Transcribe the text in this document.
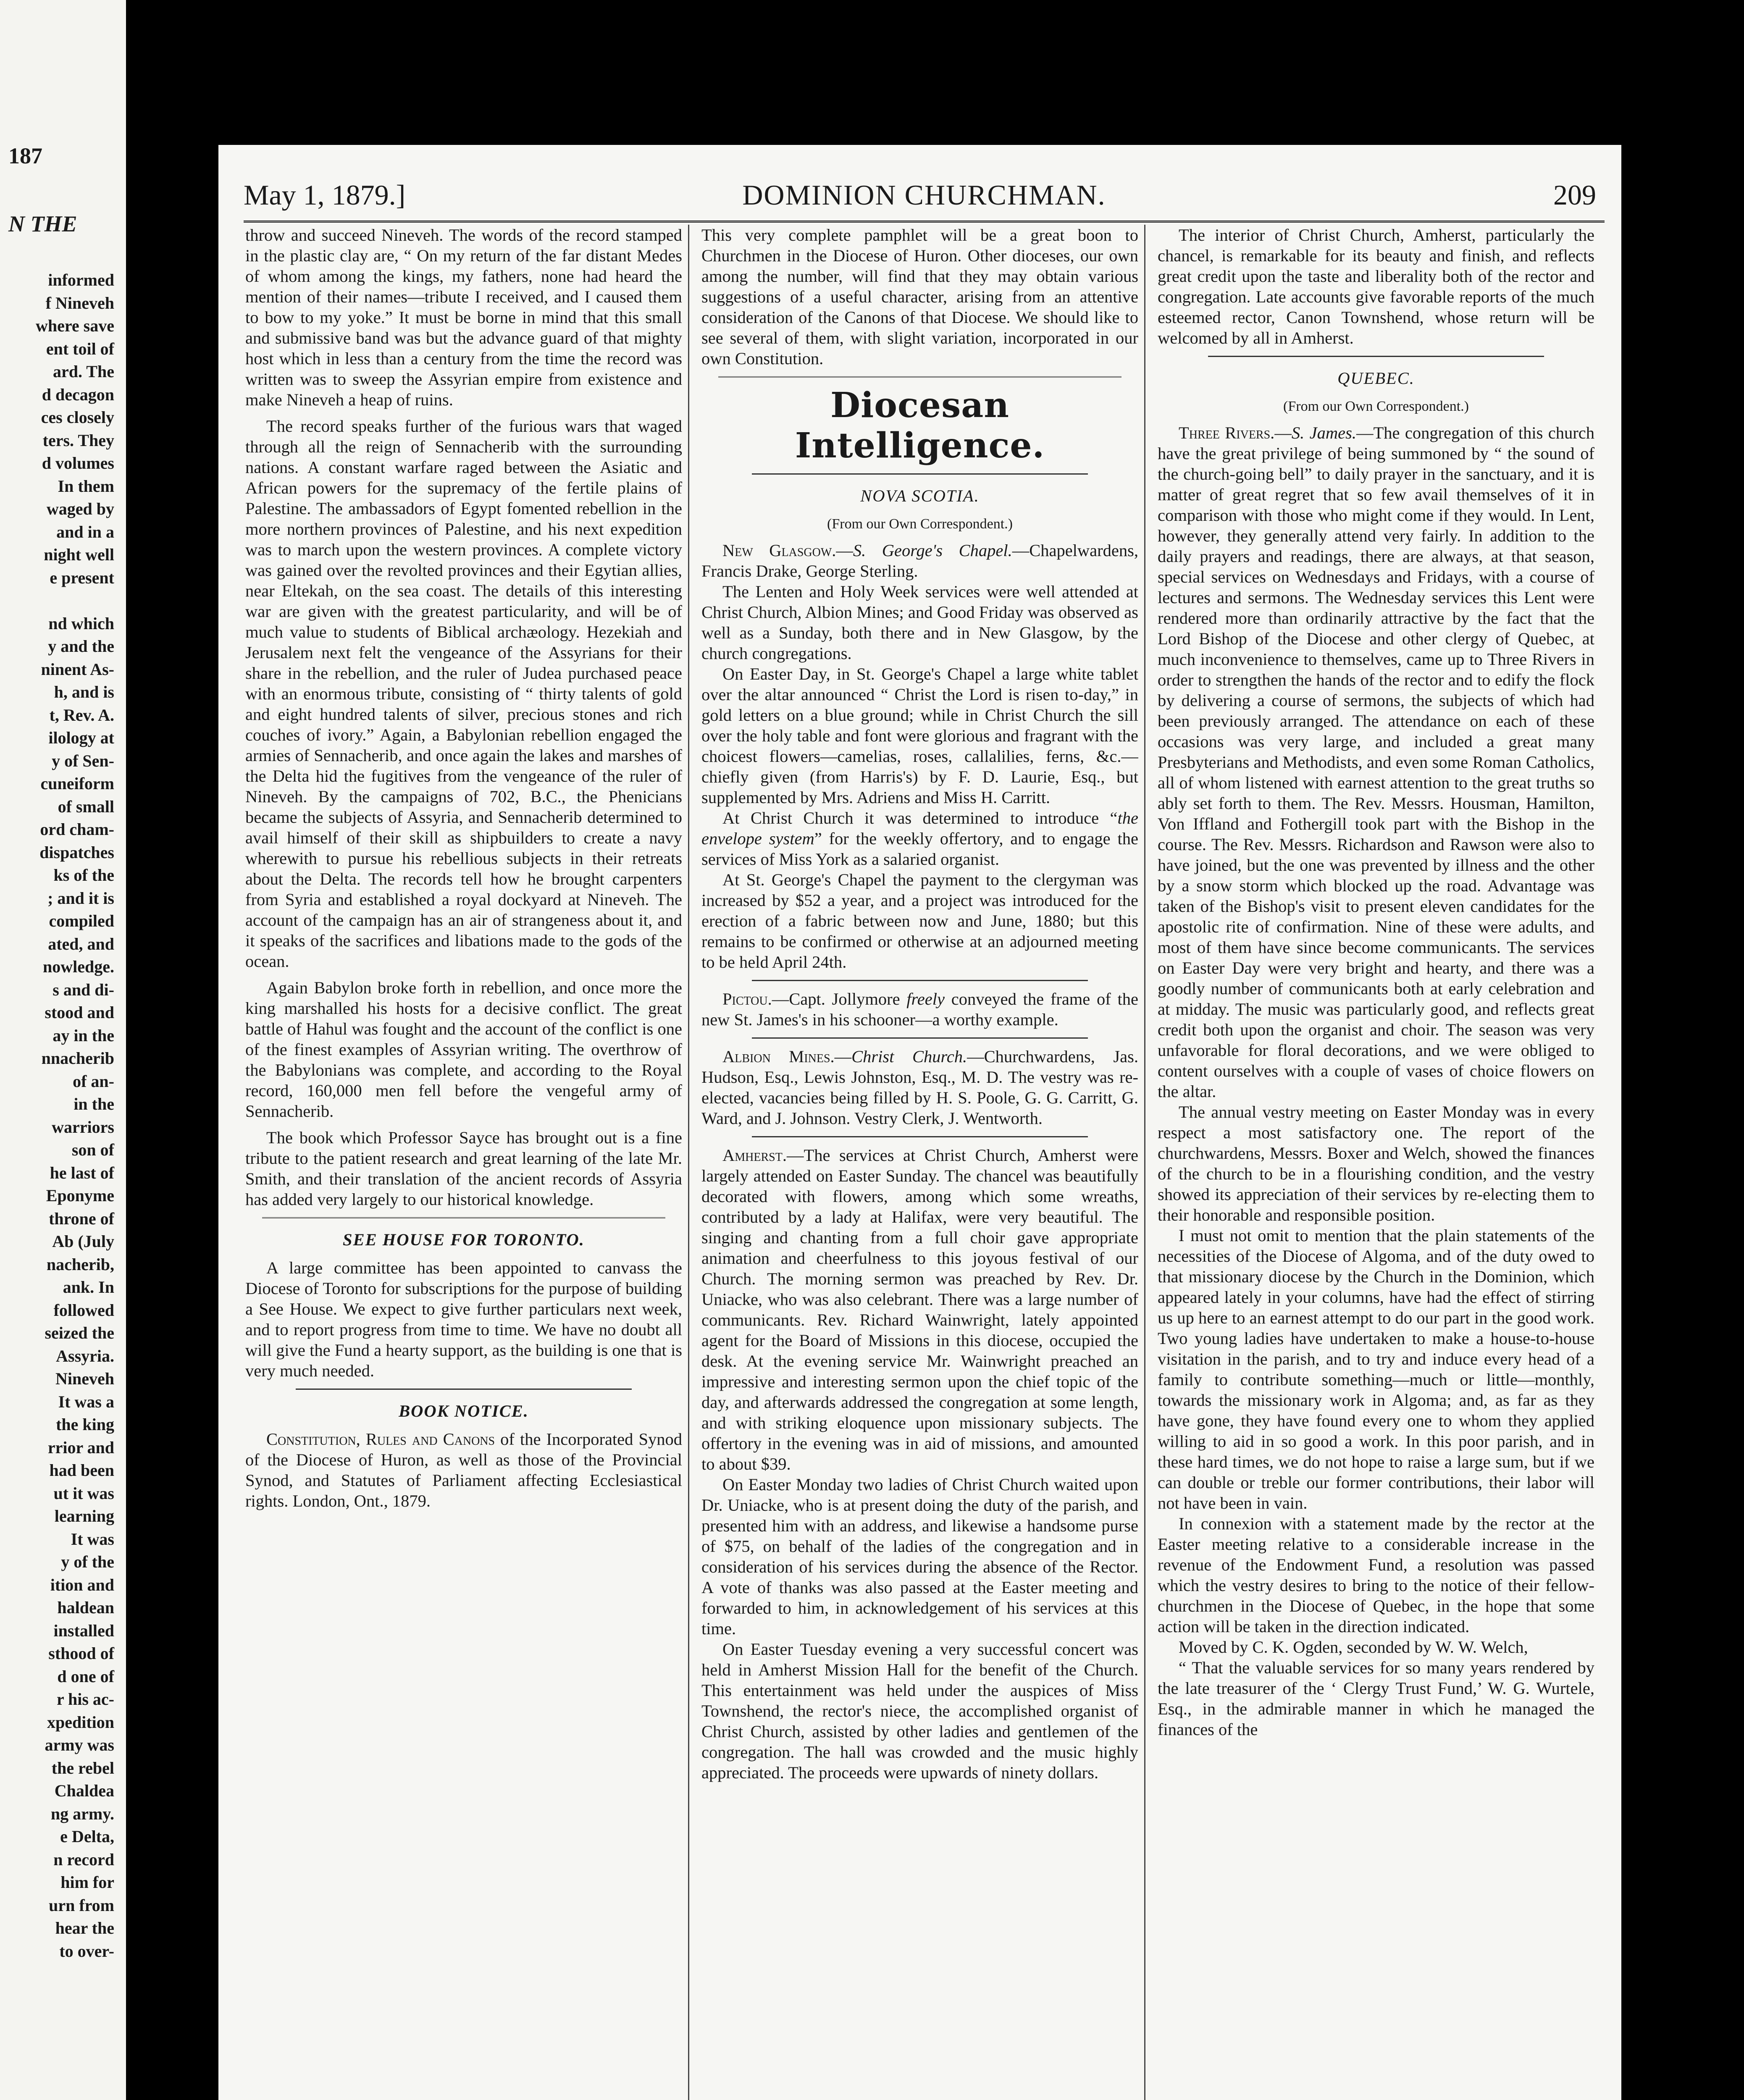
187
N THE
informed
f Nineveh
where save
ent toil of
ard. The
d decagon
ces closely
ters. They
d volumes
In them
waged by
and in a
night well
e present

nd which
y and the
ninent As-
h, and is
t, Rev. A.
ilology at
y of Sen-
cuneiform
of small
ord cham-
dispatches
ks of the
; and it is
compiled
ated, and
nowledge.
s and di-
stood and
ay in the
nnacherib
of an-
in the
warriors
son of
he last of
Eponyme
throne of
Ab (July
nacherib,
ank. In
followed
seized the
Assyria.
Nineveh
It was a
the king
rrior and
had been
ut it was
learning
It was
y of the
ition and
haldean
installed
sthood of
d one of
r his ac-
xpedition
army was
the rebel
Chaldea
ng army.
e Delta,
n record
him for
urn from
hear the
to over-
May 1, 1879.]	DOMINION CHURCHMAN.	209

throw and succeed Nineveh. The words of the record stamped in the plastic clay are, “ On my return of the far distant Medes of whom among the kings, my fathers, none had heard the mention of their names—tribute I received, and I caused them to bow to my yoke.” It must be borne in mind that this small and submissive band was but the advance guard of that mighty host which in less than a century from the time the record was written was to sweep the Assyrian empire from existence and make Nineveh a heap of ruins.

The record speaks further of the furious wars that waged through all the reign of Sennacherib with the surrounding nations. A constant warfare raged between the Asiatic and African powers for the supremacy of the fertile plains of Palestine. The ambassadors of Egypt fomented rebellion in the more northern provinces of Palestine, and his next expedition was to march upon the western provinces. A complete victory was gained over the revolted provinces and their Egytian allies, near Eltekah, on the sea coast. The details of this interesting war are given with the greatest particularity, and will be of much value to students of Biblical archæology. Hezekiah and Jerusalem next felt the vengeance of the Assyrians for their share in the rebellion, and the ruler of Judea purchased peace with an enormous tribute, consisting of “ thirty talents of gold and eight hundred talents of silver, precious stones and rich couches of ivory.” Again, a Babylonian rebellion engaged the armies of Sennacherib, and once again the lakes and marshes of the Delta hid the fugitives from the vengeance of the ruler of Nineveh. By the campaigns of 702, B.C., the Phenicians became the subjects of Assyria, and Sennacherib determined to avail himself of their skill as shipbuilders to create a navy wherewith to pursue his rebellious subjects in their retreats about the Delta. The records tell how he brought carpenters from Syria and established a royal dockyard at Nineveh. The account of the campaign has an air of strangeness about it, and it speaks of the sacrifices and libations made to the gods of the ocean.

Again Babylon broke forth in rebellion, and once more the king marshalled his hosts for a decisive conflict. The great battle of Hahul was fought and the account of the conflict is one of the finest examples of Assyrian writing. The overthrow of the Babylonians was complete, and according to the Royal record, 160,000 men fell before the vengeful army of Sennacherib.

The book which Professor Sayce has brought out is a fine tribute to the patient research and great learning of the late Mr. Smith, and their translation of the ancient records of Assyria has added very largely to our historical knowledge.

SEE HOUSE FOR TORONTO.

A large committee has been appointed to canvass the Diocese of Toronto for subscriptions for the purpose of building a See House. We expect to give further particulars next week, and to report progress from time to time. We have no doubt all will give the Fund a hearty support, as the building is one that is very much needed.

BOOK NOTICE.

Constitution, Rules and Canons of the Incorporated Synod of the Diocese of Huron, as well as those of the Provincial Synod, and Statutes of Parliament affecting Ecclesiastical rights. London, Ont., 1879.

This very complete pamphlet will be a great boon to Churchmen in the Diocese of Huron. Other dioceses, our own among the number, will find that they may obtain various suggestions of a useful character, arising from an attentive consideration of the Canons of that Diocese. We should like to see several of them, with slight variation, incorporated in our own Constitution.

Diocesan Intelligence.
NOVA SCOTIA.
(From our Own Correspondent.)

New Glasgow.—S. George's Chapel.—Chapelwardens, Francis Drake, George Sterling.

The Lenten and Holy Week services were well attended at Christ Church, Albion Mines; and Good Friday was observed as well as a Sunday, both there and in New Glasgow, by the church congregations.

On Easter Day, in St. George's Chapel a large white tablet over the altar announced “ Christ the Lord is risen to-day,” in gold letters on a blue ground; while in Christ Church the sill over the holy table and font were glorious and fragrant with the choicest flowers—camelias, roses, callalilies, ferns, &c.—chiefly given (from Harris's) by F. D. Laurie, Esq., but supplemented by Mrs. Adriens and Miss H. Carritt.

At Christ Church it was determined to introduce “the envelope system” for the weekly offertory, and to engage the services of Miss York as a salaried organist.

At St. George's Chapel the payment to the clergyman was increased by $52 a year, and a project was introduced for the erection of a fabric between now and June, 1880; but this remains to be confirmed or otherwise at an adjourned meeting to be held April 24th.

Pictou.—Capt. Jollymore freely conveyed the frame of the new St. James's in his schooner—a worthy example.

Albion Mines.—Christ Church.—Churchwardens, Jas. Hudson, Esq., Lewis Johnston, Esq., M. D. The vestry was re-elected, vacancies being filled by H. S. Poole, G. G. Carritt, G. Ward, and J. Johnson. Vestry Clerk, J. Wentworth.

Amherst.—The services at Christ Church, Amherst were largely attended on Easter Sunday. The chancel was beautifully decorated with flowers, among which some wreaths, contributed by a lady at Halifax, were very beautiful. The singing and chanting from a full choir gave appropriate animation and cheerfulness to this joyous festival of our Church. The morning sermon was preached by Rev. Dr. Uniacke, who was also celebrant. There was a large number of communicants. Rev. Richard Wainwright, lately appointed agent for the Board of Missions in this diocese, occupied the desk. At the evening service Mr. Wainwright preached an impressive and interesting sermon upon the chief topic of the day, and afterwards addressed the congregation at some length, and with striking eloquence upon missionary subjects. The offertory in the evening was in aid of missions, and amounted to about $39.

On Easter Monday two ladies of Christ Church waited upon Dr. Uniacke, who is at present doing the duty of the parish, and presented him with an address, and likewise a handsome purse of $75, on behalf of the ladies of the congregation and in consideration of his services during the absence of the Rector. A vote of thanks was also passed at the Easter meeting and forwarded to him, in acknowledgement of his services at this time.

On Easter Tuesday evening a very successful concert was held in Amherst Mission Hall for the benefit of the Church. This entertainment was held under the auspices of Miss Townshend, the rector's niece, the accomplished organist of Christ Church, assisted by other ladies and gentlemen of the congregation. The hall was crowded and the music highly appreciated. The proceeds were upwards of ninety dollars.

The interior of Christ Church, Amherst, particularly the chancel, is remarkable for its beauty and finish, and reflects great credit upon the taste and liberality both of the rector and congregation. Late accounts give favorable reports of the much esteemed rector, Canon Townshend, whose return will be welcomed by all in Amherst.

QUEBEC.
(From our Own Correspondent.)

Three Rivers.—S. James.—The congregation of this church have the great privilege of being summoned by “ the sound of the church-going bell” to daily prayer in the sanctuary, and it is matter of great regret that so few avail themselves of it in comparison with those who might come if they would. In Lent, however, they generally attend very fairly. In addition to the daily prayers and readings, there are always, at that season, special services on Wednesdays and Fridays, with a course of lectures and sermons. The Wednesday services this Lent were rendered more than ordinarily attractive by the fact that the Lord Bishop of the Diocese and other clergy of Quebec, at much inconvenience to themselves, came up to Three Rivers in order to strengthen the hands of the rector and to edify the flock by delivering a course of sermons, the subjects of which had been previously arranged. The attendance on each of these occasions was very large, and included a great many Presbyterians and Methodists, and even some Roman Catholics, all of whom listened with earnest attention to the great truths so ably set forth to them. The Rev. Messrs. Housman, Hamilton, Von Iffland and Fothergill took part with the Bishop in the course. The Rev. Messrs. Richardson and Rawson were also to have joined, but the one was prevented by illness and the other by a snow storm which blocked up the road. Advantage was taken of the Bishop's visit to present eleven candidates for the apostolic rite of confirmation. Nine of these were adults, and most of them have since become communicants. The services on Easter Day were very bright and hearty, and there was a goodly number of communicants both at early celebration and at midday. The music was particularly good, and reflects great credit both upon the organist and choir. The season was very unfavorable for floral decorations, and we were obliged to content ourselves with a couple of vases of choice flowers on the altar.

The annual vestry meeting on Easter Monday was in every respect a most satisfactory one. The report of the churchwardens, Messrs. Boxer and Welch, showed the finances of the church to be in a flourishing condition, and the vestry showed its appreciation of their services by re-electing them to their honorable and responsible position.

I must not omit to mention that the plain statements of the necessities of the Diocese of Algoma, and of the duty owed to that missionary diocese by the Church in the Dominion, which appeared lately in your columns, have had the effect of stirring us up here to an earnest attempt to do our part in the good work. Two young ladies have undertaken to make a house-to-house visitation in the parish, and to try and induce every head of a family to contribute something—much or little—monthly, towards the missionary work in Algoma; and, as far as they have gone, they have found every one to whom they applied willing to aid in so good a work. In this poor parish, and in these hard times, we do not hope to raise a large sum, but if we can double or treble our former contributions, their labor will not have been in vain.

In connexion with a statement made by the rector at the Easter meeting relative to a considerable increase in the revenue of the Endowment Fund, a resolution was passed which the vestry desires to bring to the notice of their fellow-churchmen in the Diocese of Quebec, in the hope that some action will be taken in the direction indicated.

Moved by C. K. Ogden, seconded by W. W. Welch,

“ That the valuable services for so many years rendered by the late treasurer of the ‘ Clergy Trust Fund,’ W. G. Wurtele, Esq., in the admirable manner in which he managed the finances of the
